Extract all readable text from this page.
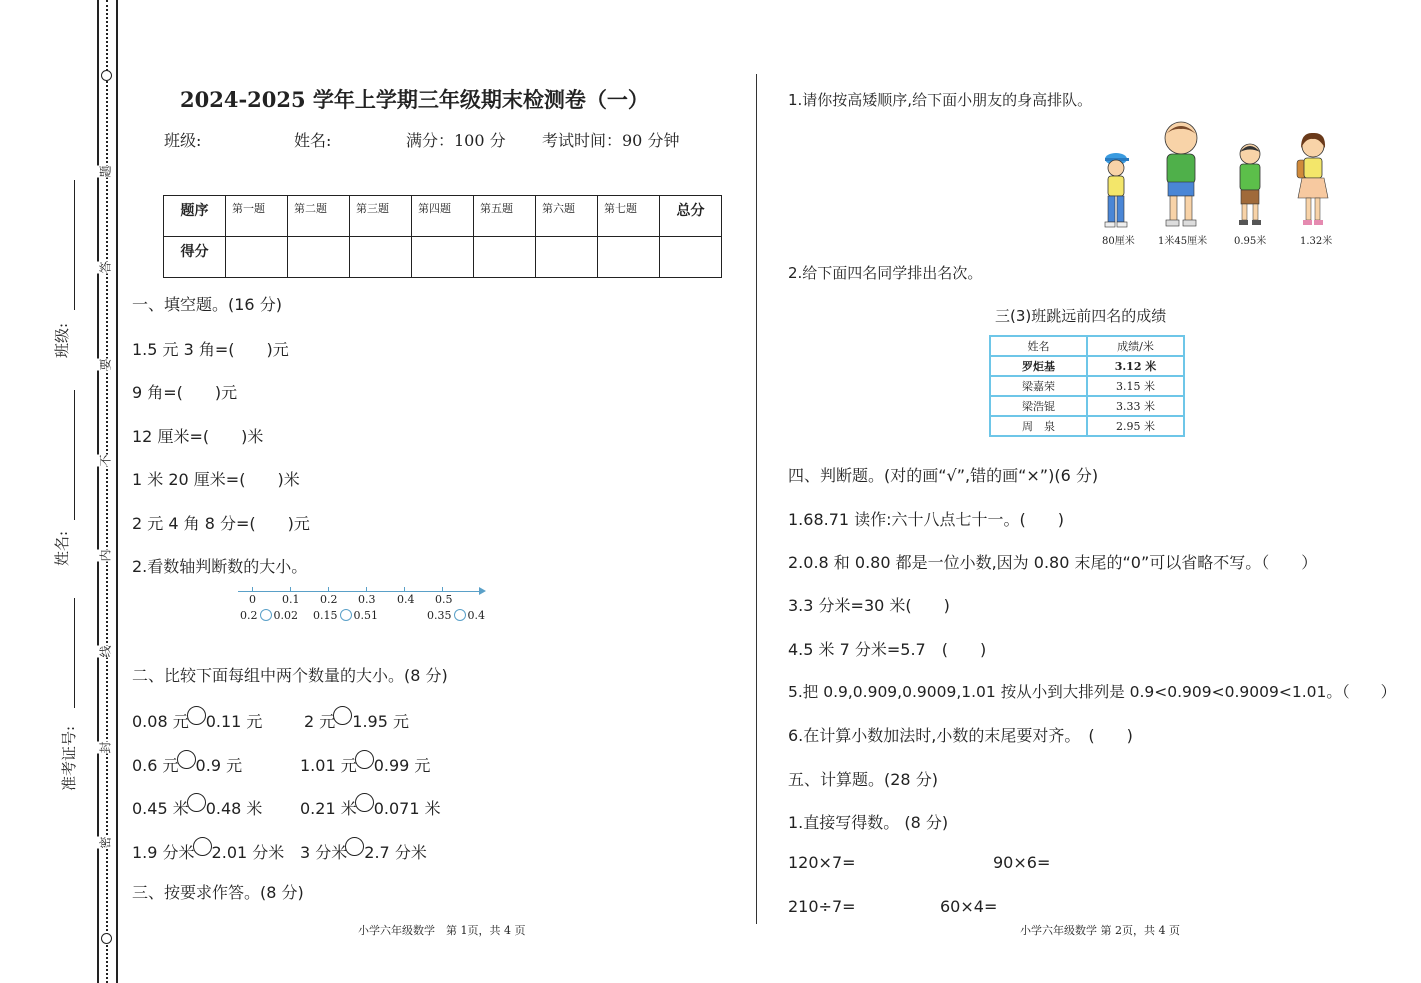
题
答
要
不
内
线
封
密
班级:
姓名:
准考证号:
2024-2025 学年上学期三年级期末检测卷（一）
班级:	姓名:	满分：100 分 考试时间：90 分钟
题序	第一题	第二题	第三题	第四题	第五题	第六题	第七题	总分
得分								
一、填空题。(16 分)
1.5 元 3 角=(　　)元
9 角=(　　)元
12 厘米=(　　)米
1 米 20 厘米=(　　)米
2 元 4 角 8 分=(　　)元
2.看数轴判断数的大小。
0 0.1 0.2 0.3 0.4 0.5
0.2 0.02 0.15 0.51	0.35 0.4
二、比较下面每组中两个数量的大小。(8 分)
0.08 元 0.11 元	2 元 1.95 元
0.6 元 0.9 元	1.01 元 0.99 元
0.45 米 0.48 米 0.21 米 0.071 米
1.9 分米 2.01 分米 3 分米 2.7 分米
三、按要求作答。(8 分)
小学六年级数学　第 1页，共 4 页
1.请你按高矮顺序,给下面小朋友的身高排队。
80厘米 1米45厘米	0.95米	1.32米
2.给下面四名同学排出名次。
三(3)班跳远前四名的成绩
姓名	成绩/米
罗炬基	3.12 米
梁嘉荣	3.15 米
梁浩锟	3.33 米
周　泉	2.95 米
四、判断题。(对的画“√”,错的画“×”)(6 分)
1.68.71 读作:六十八点七十一。(　　)
2.0.8 和 0.80 都是一位小数,因为 0.80 末尾的“0”可以省略不写。（　　）
3.3 分米=30 米(　　)
4.5 米 7 分米=5.7　(　　)
5.把 0.9,0.909,0.9009,1.01 按从小到大排列是 0.9<0.909<0.9009<1.01。（　　）
6.在计算小数加法时,小数的末尾要对齐。　(　　)
五、计算题。(28 分)
1.直接写得数。 (8 分)
120×7=	90×6=
210÷7=	60×4=
小学六年级数学 第 2页，共 4 页
